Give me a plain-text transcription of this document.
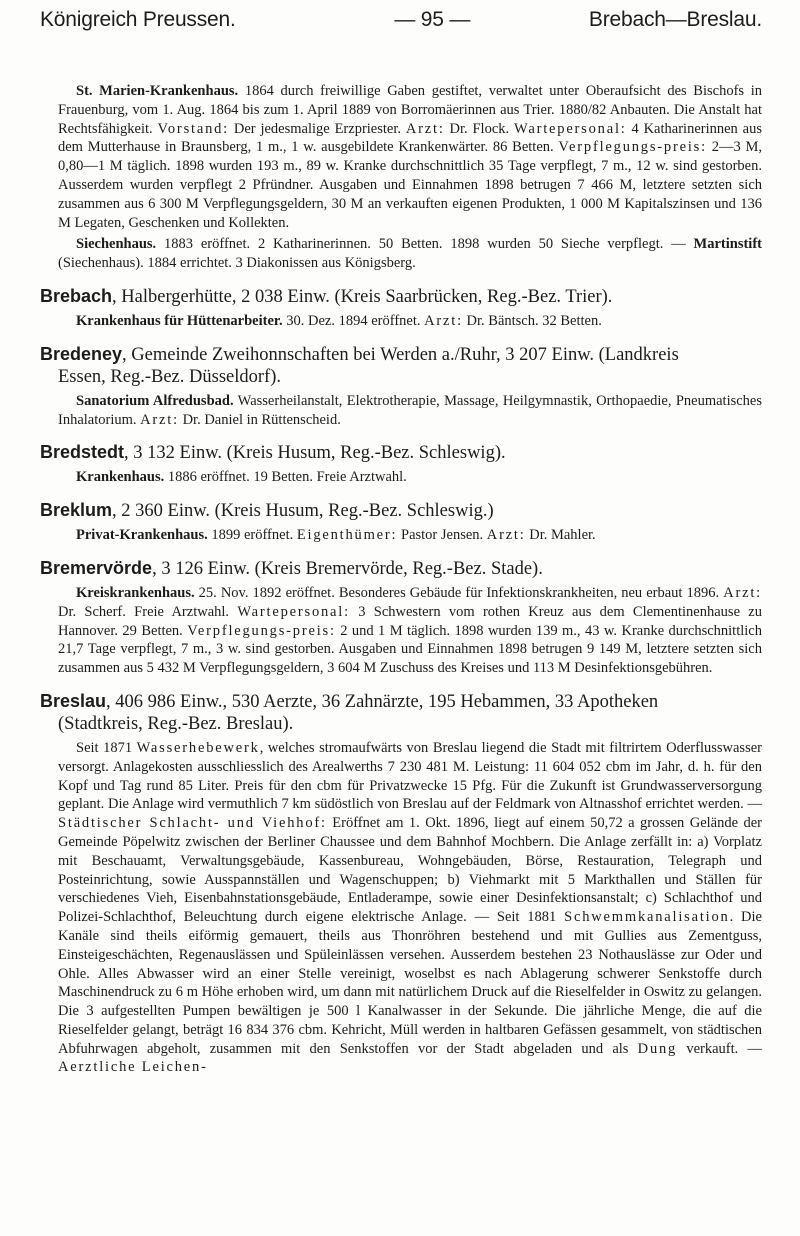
Königreich Preussen.	— 95 —	Brebach—Breslau.

St. Marien-Krankenhaus. 1864 durch freiwillige Gaben gestiftet, verwaltet unter Oberaufsicht des Bischofs in Frauenburg, vom 1. Aug. 1864 bis zum 1. April 1889 von Borromäerinnen aus Trier. 1880/82 Anbauten. Die Anstalt hat Rechtsfähigkeit. Vorstand: Der jedesmalige Erzpriester. Arzt: Dr. Flock. Wartepersonal: 4 Katharinerinnen aus dem Mutterhause in Braunsberg, 1 m., 1 w. ausgebildete Krankenwärter. 86 Betten. Verpflegungs-preis: 2—3 M, 0,80—1 M täglich. 1898 wurden 193 m., 89 w. Kranke durchschnittlich 35 Tage verpflegt, 7 m., 12 w. sind gestorben. Ausserdem wurden verpflegt 2 Pfründner. Ausgaben und Einnahmen 1898 betrugen 7 466 M, letztere setzten sich zusammen aus 6 300 M Verpflegungsgeldern, 30 M an verkauften eigenen Produkten, 1 000 M Kapitalszinsen und 136 M Legaten, Geschenken und Kollekten.

Siechenhaus. 1883 eröffnet. 2 Katharinerinnen. 50 Betten. 1898 wurden 50 Sieche verpflegt. — Martinstift (Siechenhaus). 1884 errichtet. 3 Diakonissen aus Königsberg.

Brebach, Halbergerhütte, 2 038 Einw. (Kreis Saarbrücken, Reg.-Bez. Trier).

Krankenhaus für Hüttenarbeiter. 30. Dez. 1894 eröffnet. Arzt: Dr. Bäntsch. 32 Betten.

Bredeney, Gemeinde Zweihonnschaften bei Werden a./Ruhr, 3 207 Einw. (Landkreis
Essen, Reg.-Bez. Düsseldorf).

Sanatorium Alfredusbad. Wasserheilanstalt, Elektrotherapie, Massage, Heilgymnastik, Orthopaedie, Pneumatisches Inhalatorium. Arzt: Dr. Daniel in Rüttenscheid.

Bredstedt, 3 132 Einw. (Kreis Husum, Reg.-Bez. Schleswig).

Krankenhaus. 1886 eröffnet. 19 Betten. Freie Arztwahl.

Breklum, 2 360 Einw. (Kreis Husum, Reg.-Bez. Schleswig.)

Privat-Krankenhaus. 1899 eröffnet. Eigenthümer: Pastor Jensen. Arzt: Dr. Mahler.

Bremervörde, 3 126 Einw. (Kreis Bremervörde, Reg.-Bez. Stade).

Kreiskrankenhaus. 25. Nov. 1892 eröffnet. Besonderes Gebäude für Infektionskrankheiten, neu erbaut 1896. Arzt: Dr. Scherf. Freie Arztwahl. Wartepersonal: 3 Schwestern vom rothen Kreuz aus dem Clementinenhause zu Hannover. 29 Betten. Verpflegungs-preis: 2 und 1 M täglich. 1898 wurden 139 m., 43 w. Kranke durchschnittlich 21,7 Tage verpflegt, 7 m., 3 w. sind gestorben. Ausgaben und Einnahmen 1898 betrugen 9 149 M, letztere setzten sich zusammen aus 5 432 M Verpflegungsgeldern, 3 604 M Zuschuss des Kreises und 113 M Desinfektionsgebühren.

Breslau, 406 986 Einw., 530 Aerzte, 36 Zahnärzte, 195 Hebammen, 33 Apotheken
(Stadtkreis, Reg.-Bez. Breslau).

Seit 1871 Wasserhebewerk, welches stromaufwärts von Breslau liegend die Stadt mit filtrirtem Oderflusswasser versorgt. Anlagekosten ausschliesslich des Arealwerths 7 230 481 M. Leistung: 11 604 052 cbm im Jahr, d. h. für den Kopf und Tag rund 85 Liter. Preis für den cbm für Privatzwecke 15 Pfg. Für die Zukunft ist Grundwasserversorgung geplant. Die Anlage wird vermuthlich 7 km südöstlich von Breslau auf der Feldmark von Altnasshof errichtet werden. — Städtischer Schlacht- und Viehhof: Eröffnet am 1. Okt. 1896, liegt auf einem 50,72 a grossen Gelände der Gemeinde Pöpelwitz zwischen der Berliner Chaussee und dem Bahnhof Mochbern. Die Anlage zerfällt in: a) Vorplatz mit Beschauamt, Verwaltungsgebäude, Kassenbureau, Wohngebäuden, Börse, Restauration, Telegraph und Posteinrichtung, sowie Ausspannställen und Wagenschuppen; b) Viehmarkt mit 5 Markthallen und Ställen für verschiedenes Vieh, Eisenbahnstationsgebäude, Entladerampe, sowie einer Desinfektionsanstalt; c) Schlachthof und Polizei-Schlachthof, Beleuchtung durch eigene elektrische Anlage. — Seit 1881 Schwemmkanalisation. Die Kanäle sind theils eiförmig gemauert, theils aus Thonröhren bestehend und mit Gullies aus Zementguss, Einsteigeschächten, Regenauslässen und Spüleinlässen versehen. Ausserdem bestehen 23 Nothauslässe zur Oder und Ohle. Alles Abwasser wird an einer Stelle vereinigt, woselbst es nach Ablagerung schwerer Senkstoffe durch Maschinendruck zu 6 m Höhe erhoben wird, um dann mit natürlichem Druck auf die Rieselfelder in Oswitz zu gelangen. Die 3 aufgestellten Pumpen bewältigen je 500 l Kanalwasser in der Sekunde. Die jährliche Menge, die auf die Rieselfelder gelangt, beträgt 16 834 376 cbm. Kehricht, Müll werden in haltbaren Gefässen gesammelt, von städtischen Abfuhrwagen abgeholt, zusammen mit den Senkstoffen vor der Stadt abgeladen und als Dung verkauft. — Aerztliche Leichen-
